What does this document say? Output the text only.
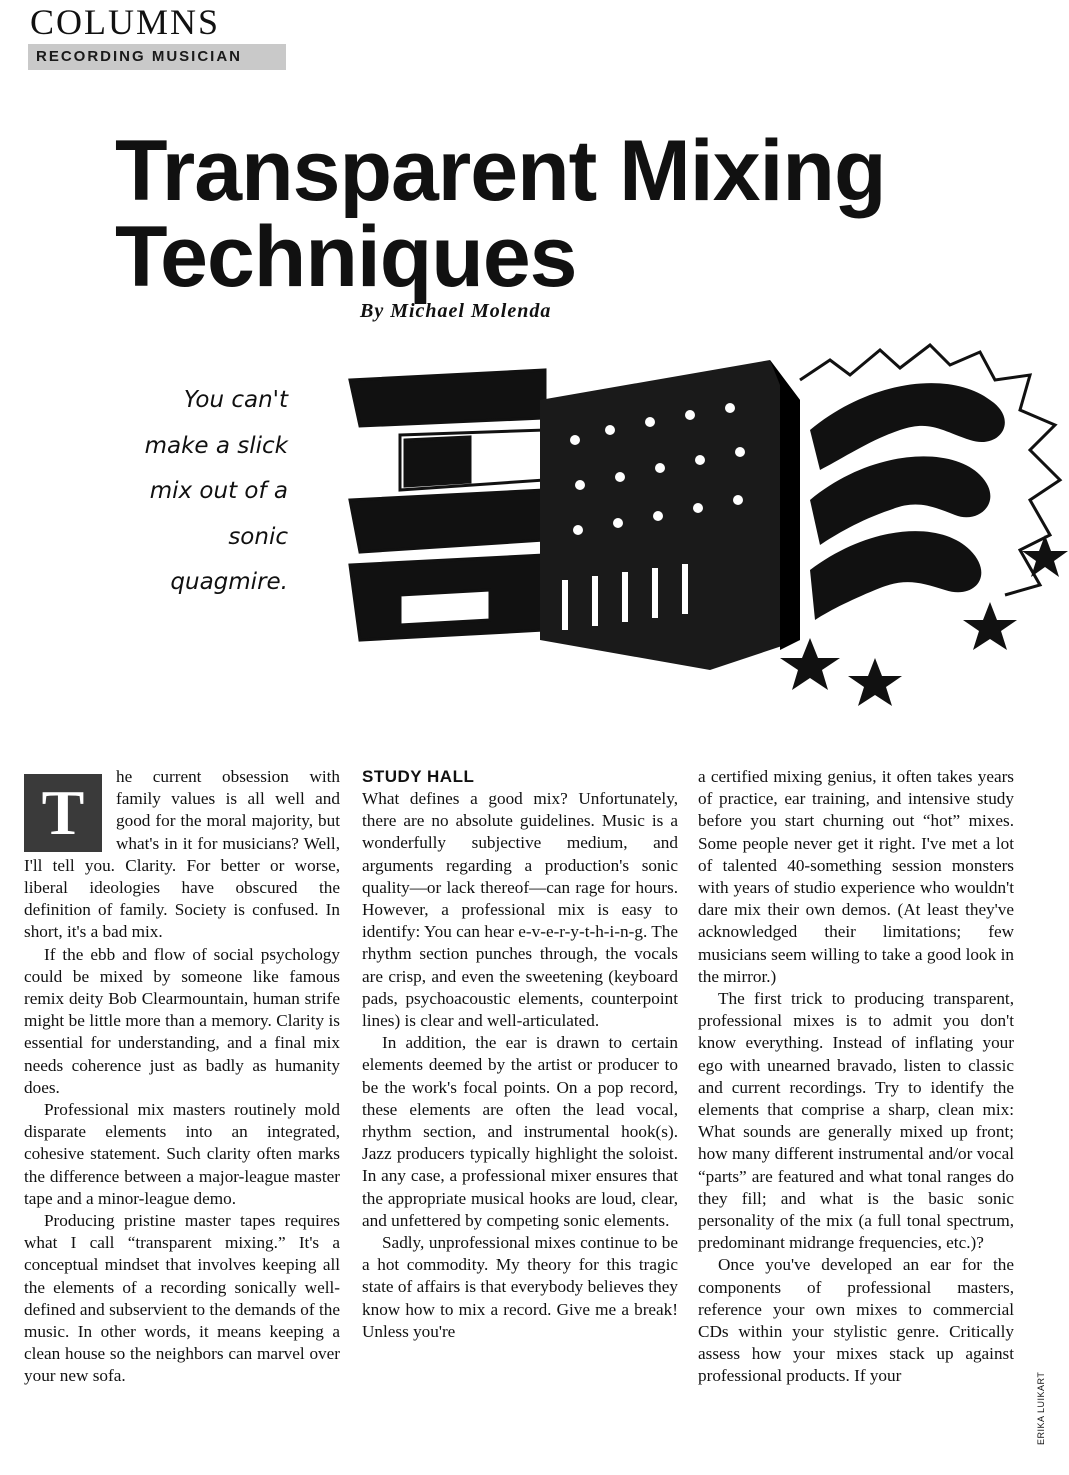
COLUMNS
RECORDING MUSICIAN
Transparent Mixing Techniques
By Michael Molenda
You can't
make a slick
mix out of a
sonic
quagmire.
T

he current obsession with family values is all well and good for the moral majority, but what's in it for musicians? Well, I'll tell you. Clarity. For better or worse, liberal ideologies have obscured the definition of family. Society is confused. In short, it's a bad mix.

If the ebb and flow of social psychology could be mixed by someone like famous remix deity Bob Clearmountain, human strife might be little more than a memory. Clarity is essential for understanding, and a final mix needs coherence just as badly as humanity does.

Professional mix masters routinely mold disparate elements into an integrated, cohesive statement. Such clarity often marks the difference between a major-league master tape and a minor-league demo.

Producing pristine master tapes requires what I call “transparent mixing.” It's a conceptual mindset that involves keeping all the elements of a recording sonically well-defined and subservient to the demands of the music. In other words, it means keeping a clean house so the neighbors can marvel over your new sofa.

STUDY HALL

What defines a good mix? Unfortunately, there are no absolute guidelines. Music is a wonderfully subjective medium, and arguments regarding a production's sonic quality—or lack thereof—can rage for hours. However, a professional mix is easy to identify: You can hear e-v-e-r-y-t-h-i-n-g. The rhythm section punches through, the vocals are crisp, and even the sweetening (keyboard pads, psychoacoustic elements, counterpoint lines) is clear and well-articulated.

In addition, the ear is drawn to certain elements deemed by the artist or producer to be the work's focal points. On a pop record, these elements are often the lead vocal, rhythm section, and instrumental hook(s). Jazz producers typically highlight the soloist. In any case, a professional mixer ensures that the appropriate musical hooks are loud, clear, and unfettered by competing sonic elements.

Sadly, unprofessional mixes continue to be a hot commodity. My theory for this tragic state of affairs is that everybody believes they know how to mix a record. Give me a break! Unless you're

a certified mixing genius, it often takes years of practice, ear training, and intensive study before you start churning out “hot” mixes. Some people never get it right. I've met a lot of talented 40-something session monsters with years of studio experience who wouldn't dare mix their own demos. (At least they've acknowledged their limitations; few musicians seem willing to take a good look in the mirror.)

The first trick to producing transparent, professional mixes is to admit you don't know everything. Instead of inflating your ego with unearned bravado, listen to classic and current recordings. Try to identify the elements that comprise a sharp, clean mix: What sounds are generally mixed up front; how many different instrumental and/or vocal “parts” are featured and what tonal ranges do they fill; and what is the basic sonic personality of the mix (a full tonal spectrum, predominant midrange frequencies, etc.)?

Once you've developed an ear for the components of professional masters, reference your own mixes to commercial CDs within your stylistic genre. Critically assess how your mixes stack up against professional products. If your	ERIKA LUIKART
